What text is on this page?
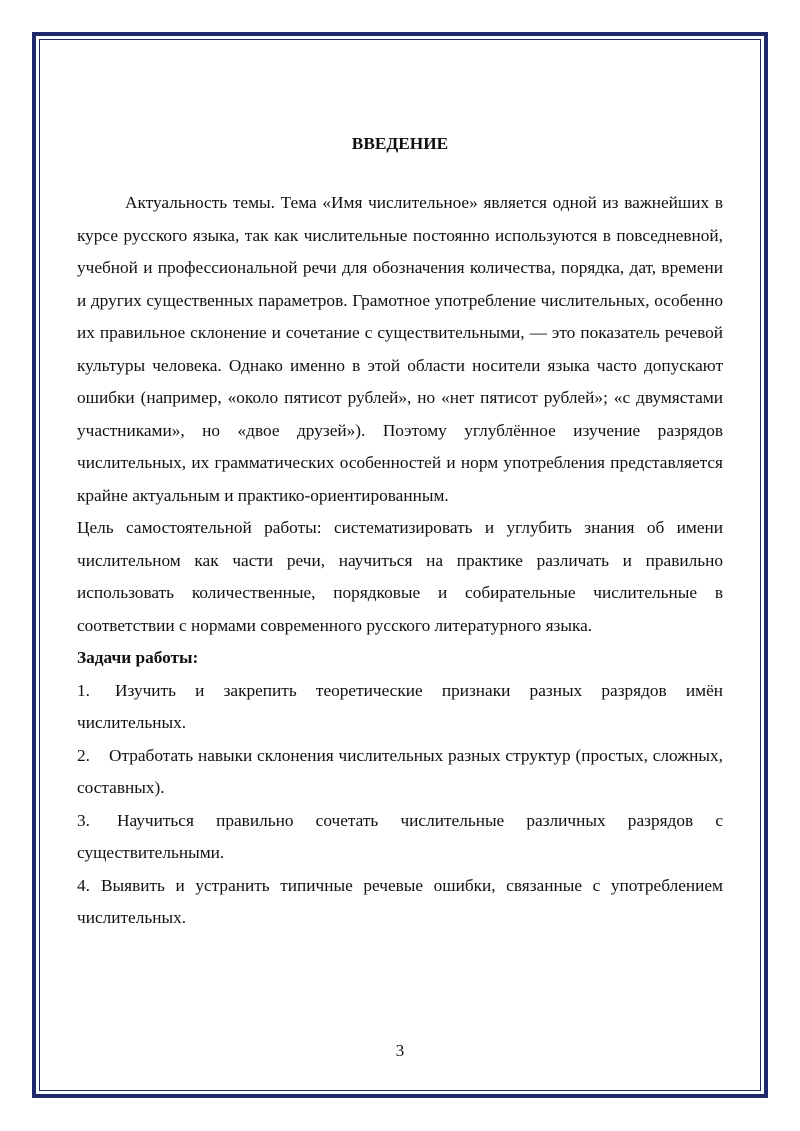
ВВЕДЕНИЕ

Актуальность темы. Тема «Имя числительное» является одной из важнейших в курсе русского языка, так как числительные постоянно используются в повседневной, учебной и профессиональной речи для обозначения количества, порядка, дат, времени и других существенных параметров. Грамотное употребление числительных, особенно их правильное склонение и сочетание с существительными, — это показатель речевой культуры человека. Однако именно в этой области носители языка часто допускают ошибки (например, «около пятисот рублей», но «нет пятисот рублей»; «с двумястами участниками», но «двое друзей»). Поэтому углублённое изучение разрядов числительных, их грамматических особенностей и норм употребления представляется крайне актуальным и практико-ориентированным.

Цель самостоятельной работы: систематизировать и углубить знания об имени числительном как части речи, научиться на практике различать и правильно использовать количественные, порядковые и собирательные числительные в соответствии с нормами современного русского литературного языка.

Задачи работы:

1. Изучить и закрепить теоретические признаки разных разрядов имён числительных.

2. Отработать навыки склонения числительных разных структур (простых, сложных, составных).

3. Научиться правильно сочетать числительные различных разрядов с существительными.

4. Выявить и устранить типичные речевые ошибки, связанные с употреблением числительных.

3
